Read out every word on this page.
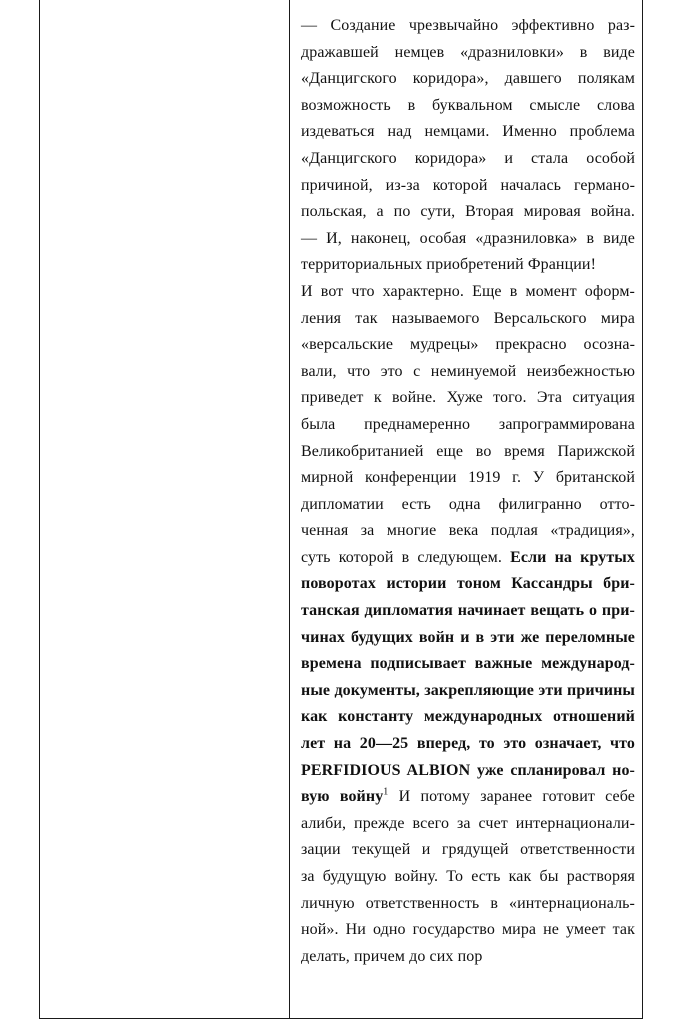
— Создание чрезвычайно эффективно раз-
дражавшей немцев «дразниловки» в виде
«Данцигского коридора», давшего полякам
возможность в буквальном смысле слова
издеваться над немцами. Именно проблема
«Данцигского коридора» и стала особой
причиной, из-за которой началась германо-
польская, а по сути, Вторая мировая война.
— И, наконец, особая «дразниловка» в виде
территориальных приобретений Франции!
И вот что характерно. Еще в момент оформ-
ления так называемого Версальского мира
«версальские мудрецы» прекрасно осозна-
вали, что это с неминуемой неизбежностью
приведет к войне. Хуже того. Эта ситуация
была преднамеренно запрограммирована
Великобританией еще во время Парижской
мирной конференции 1919 г. У британской
дипломатии есть одна филигранно отто-
ченная за многие века подлая «традиция»,
суть которой в следующем. Если на крутых
поворотах истории тоном Кассандры бри-
танская дипломатия начинает вещать о при-
чинах будущих войн и в эти же переломные
времена подписывает важные международ-
ные документы, закрепляющие эти причины
как константу международных отношений
лет на 20—25 вперед, то это означает, что
PERFIDIOUS ALBION уже спланировал но-
вую войну$^1$ И потому заранее готовит себе
алиби, прежде всего за счет интернационали-
зации текущей и грядущей ответственности
за будущую войну. То есть как бы растворяя
личную ответственность в «интернациональ-
ной». Ни одно государство мира не умеет так
делать, причем до сих пор
